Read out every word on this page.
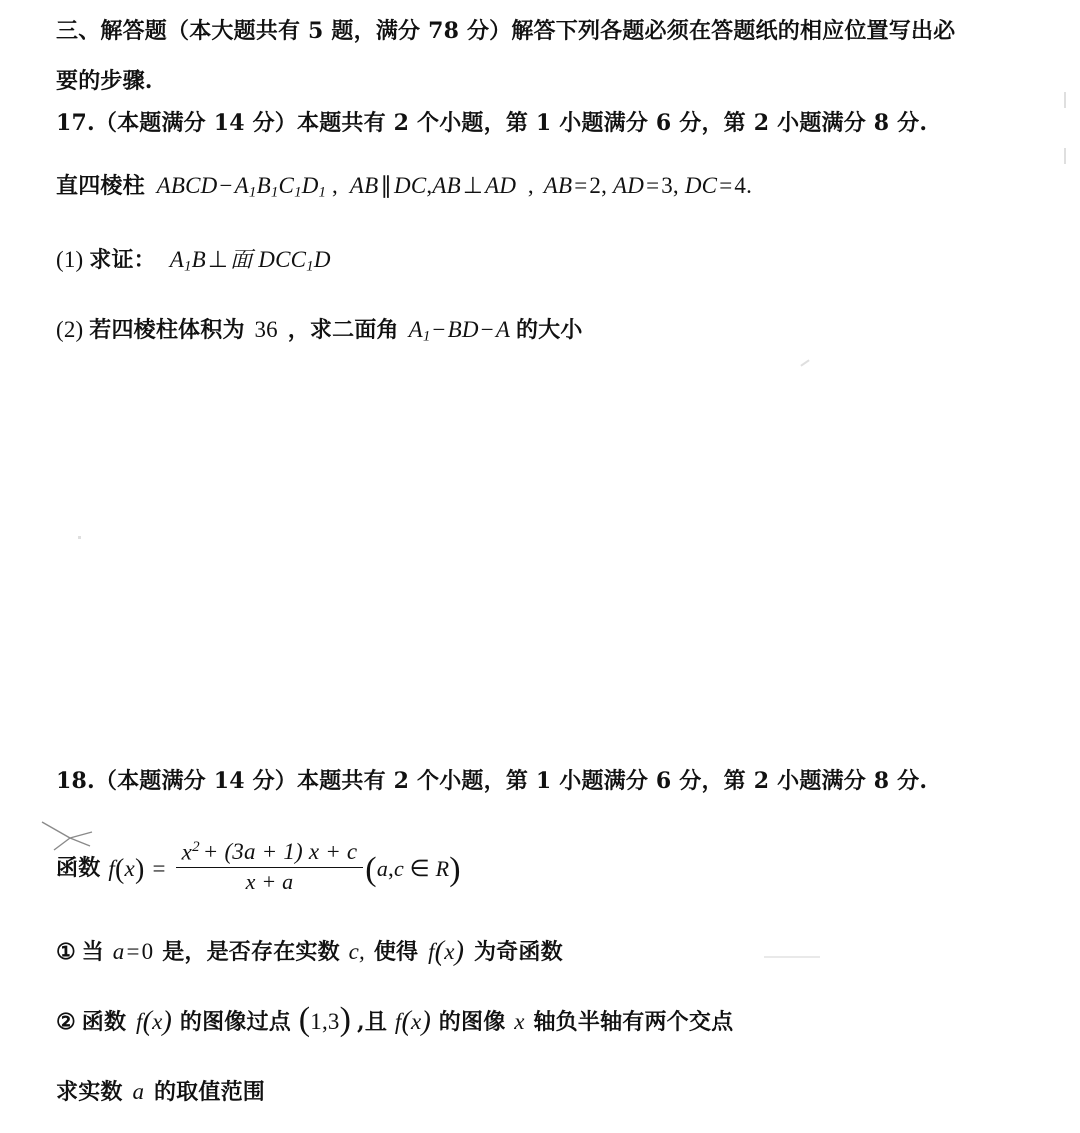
三、解答题（本大题共有 5 题，满分 78 分）解答下列各题必须在答题纸的相应位置写出必
要的步骤.
17.（本题满分 14 分）本题共有 2 个小题，第 1 小题满分 6 分，第 2 小题满分 8 分.
直四棱柱 $ABCD-A_1B_1C_1D_1$ , AB∥DC,AB⊥AD  , AB=2, AD=3, DC=4.
(1) 求证： $A_1B\perp$面 $DCC_1D$
(2) 若四棱柱体积为 36 ，求二面角 $A_1-BD-A$ 的大小
18.（本题满分 14 分）本题共有 2 个小题，第 1 小题满分 6 分，第 2 小题满分 8 分.
函数 f ( x ) = $\frac{x^2 + (3a + 1) x + c}{x + a}$ ( a,c ∈ R )
① 当 a=0 是，是否存在实数 c, 使得 f(x) 为奇函数
② 函数 f(x) 的图像过点 (1,3) ,且 f(x) 的图像 x 轴负半轴有两个交点
求实数 a 的取值范围
